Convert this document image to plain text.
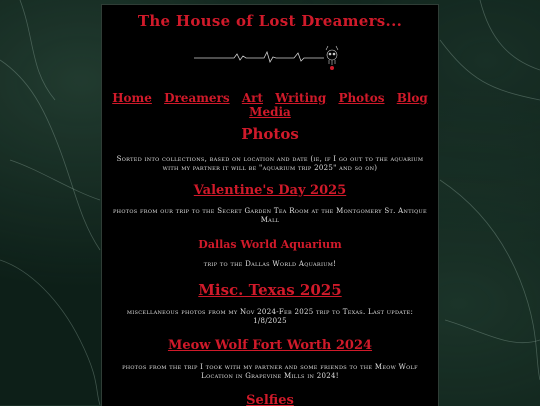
The House of Lost Dreamers...
Home Dreamers Art Writing Photos Blog Media
Photos
Sorted into collections, based on location and date (ie, if I go out to the aquarium with my partner it will be "aquarium trip 2025" and so on)
Valentine's Day 2025
photos from our trip to the Secret Garden Tea Room at the Montgomery St. Antique Mall
Dallas World Aquarium
trip to the Dallas World Aquarium!
Misc. Texas 2025
miscellaneous photos from my Nov 2024-Feb 2025 trip to Texas. Last update: 1/8/2025
Meow Wolf Fort Worth 2024
photos from the trip I took with my partner and some friends to the Meow Wolf Location in Grapevine Mills in 2024!
Selfies
